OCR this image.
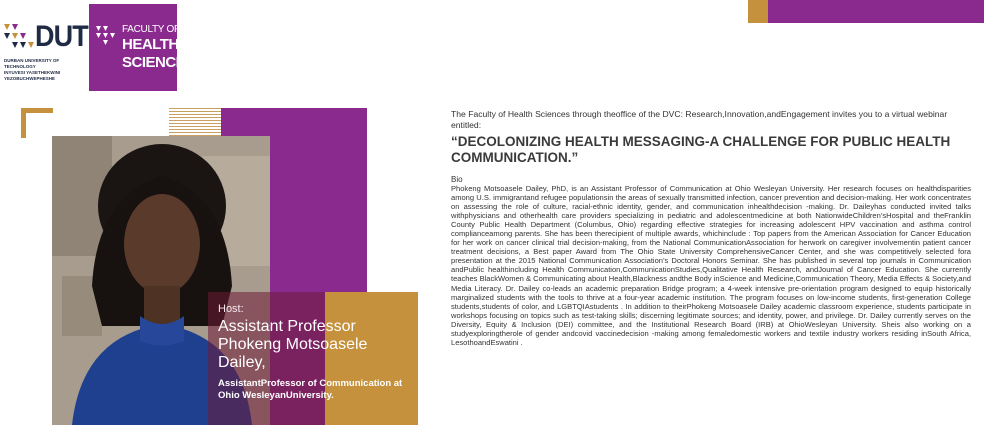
DUT
DURBAN UNIVERSITY OF TECHNOLOGY
INYUVESI YASETHEKWINI YEZOBUCHWEPHESHE
FACULTY OF
HEALTH
SCIENCES
Host:
Assistant Professor Phokeng Motsoasele Dailey,
AssistantProfessor of Communication at Ohio WesleyanUniversity.
The Faculty of Health Sciences through theoffice of the DVC: Research,Innovation,andEngagement invites you to a virtual webinar entitled:
“DECOLONIZING HEALTH MESSAGING-A CHALLENGE FOR PUBLIC HEALTH COMMUNICATION.”
Bio
Phokeng Motsoasele Dailey, PhD, is an Assistant Professor of Communication at Ohio Wesleyan University. Her research focuses on healthdisparities among U.S. immigrantand refugee populationsin the areas of sexually transmitted infection, cancer prevention and decision-making. Her work concentrates on assessing the role of culture, racial-ethnic identity, gender, and communication inhealthdecision -making. Dr. Daileyhas conducted invited talks withphysicians and otherhealth care providers specializing in pediatric and adolescentmedicine at both NationwideChildren’sHospital and theFranklin County Public Health Department (Columbus, Ohio) regarding effective strategies for increasing adolescent HPV vaccination and asthma control complianceamong parents. She has been therecipient of multiple awards, whichinclude : Top papers from the American Association for Cancer Education for her work on cancer clinical trial decision-making, from the National CommunicationAssociation for herwork on caregiver involvementin patient cancer treatment decisions, a Best paper Award from The Ohio State University ComprehensiveCancer Center, and she was competitively selected fora presentation at the 2015 National Communication Association’s Doctoral Honors Seminar. She has published in several top journals in Communication andPublic healthincluding Health Communication,CommunicationStudies,Qualitative Health Research, andJournal of Cancer Education. She currently teaches BlackWomen & Communicating about Health,Blackness andthe Body inScience and Medicine,Communication Theory, Media Effects & Society,and Media Literacy. Dr. Dailey co-leads an academic preparation Bridge program; a 4-week intensive pre-orientation program designed to equip historically marginalized students with the tools to thrive at a four-year academic institution. The program focuses on low-income students, first-generation College students,students of color, and LGBTQIAstudents . In addition to theirPhokeng Motsoasele Dailey academic classroom experience, students participate in workshops focusing on topics such as test-taking skills; discerning legitimate sources; and identity, power, and privilege. Dr. Dailey currently serves on the Diversity, Equity & Inclusion (DEI) committee, and the Institutional Research Board (IRB) at OhioWesleyan University. Sheis also working on a studyexploringtherole of gender andcovid vaccinedecision -making among femaledomestic workers and textile industry workers residing inSouth Africa, LesothoandEswatini .
